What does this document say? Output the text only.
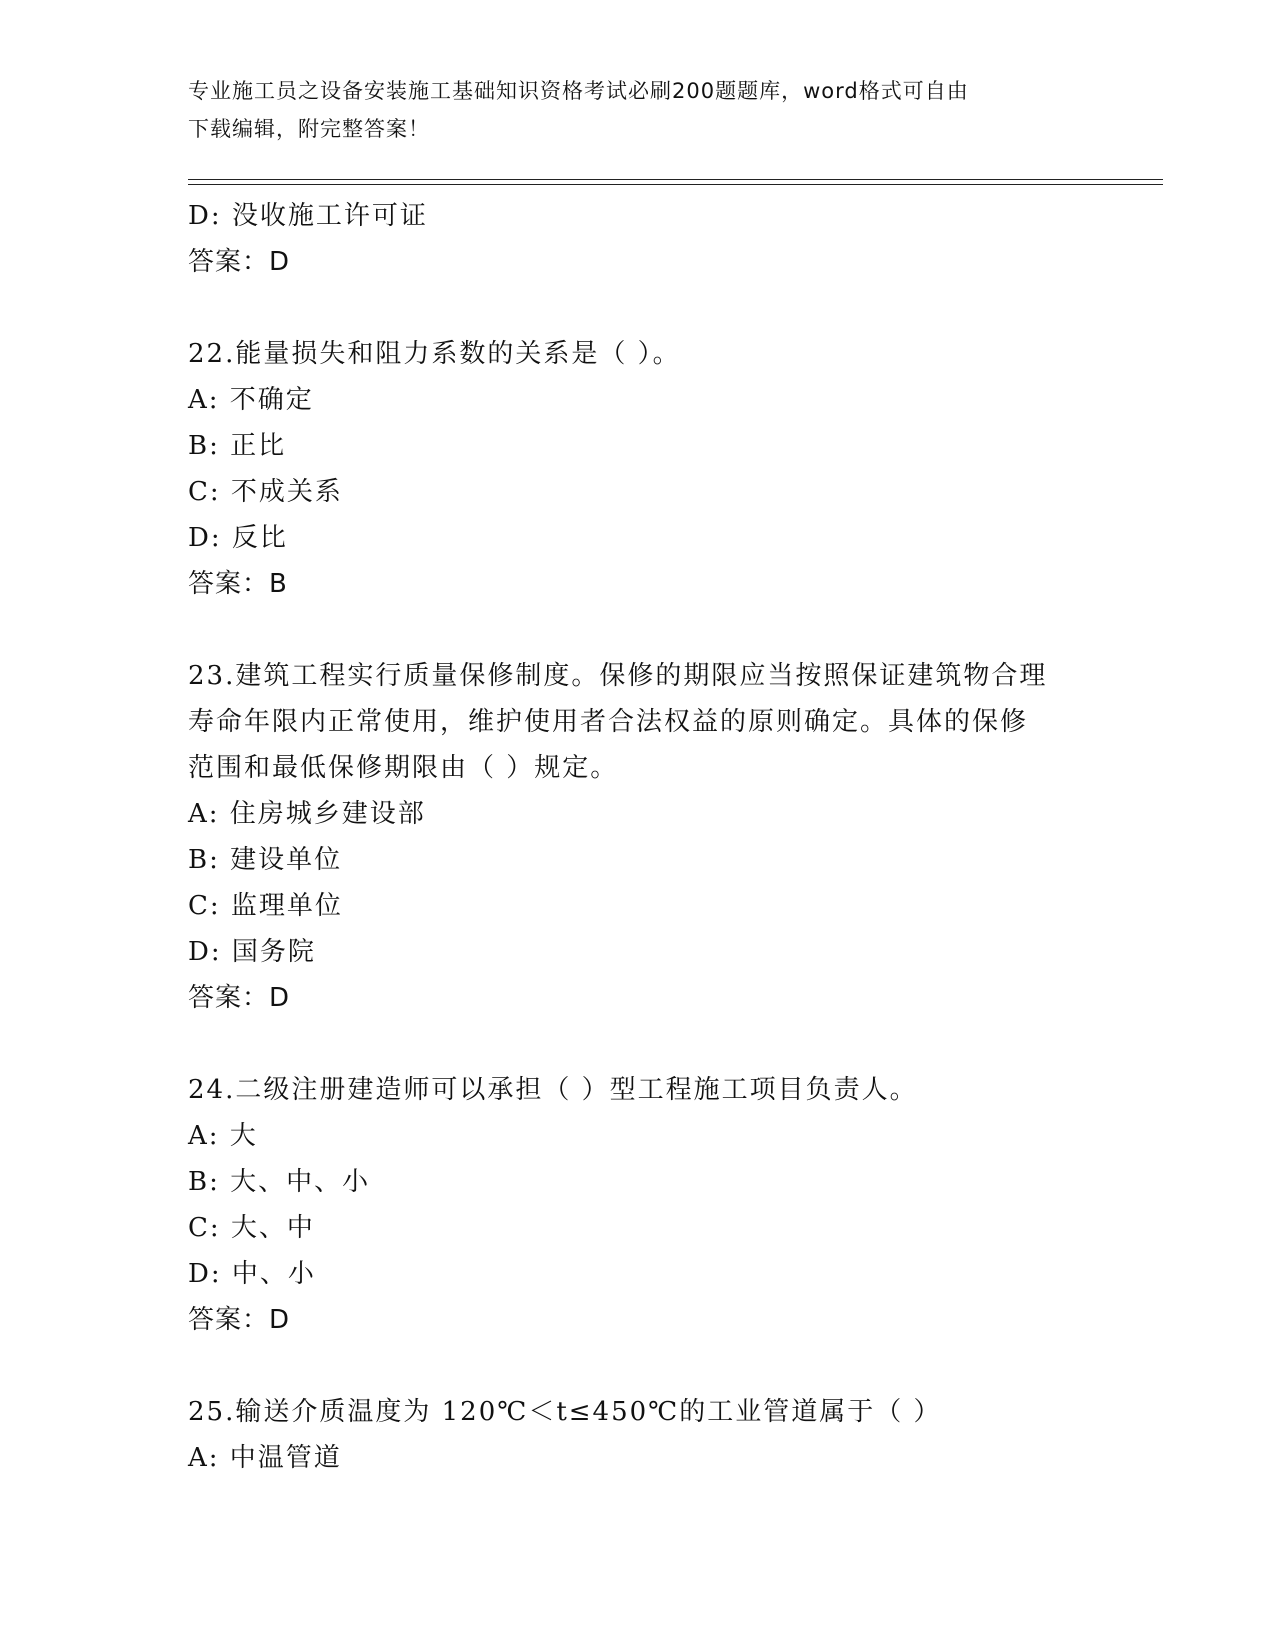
专业施工员之设备安装施工基础知识资格考试必刷200题题库，word格式可自由
下载编辑，附完整答案！
D: 没收施工许可证
答案：D
22.能量损失和阻力系数的关系是（ ）。
A: 不确定
B: 正比
C: 不成关系
D: 反比
答案：B
23.建筑工程实行质量保修制度。保修的期限应当按照保证建筑物合理
寿命年限内正常使用，维护使用者合法权益的原则确定。具体的保修
范围和最低保修期限由（ ）规定。
A: 住房城乡建设部
B: 建设单位
C: 监理单位
D: 国务院
答案：D
24.二级注册建造师可以承担（ ）型工程施工项目负责人。
A: 大
B: 大、中、小
C: 大、中
D: 中、小
答案：D
25.输送介质温度为 120℃＜t≤450℃的工业管道属于（ ）
A: 中温管道
